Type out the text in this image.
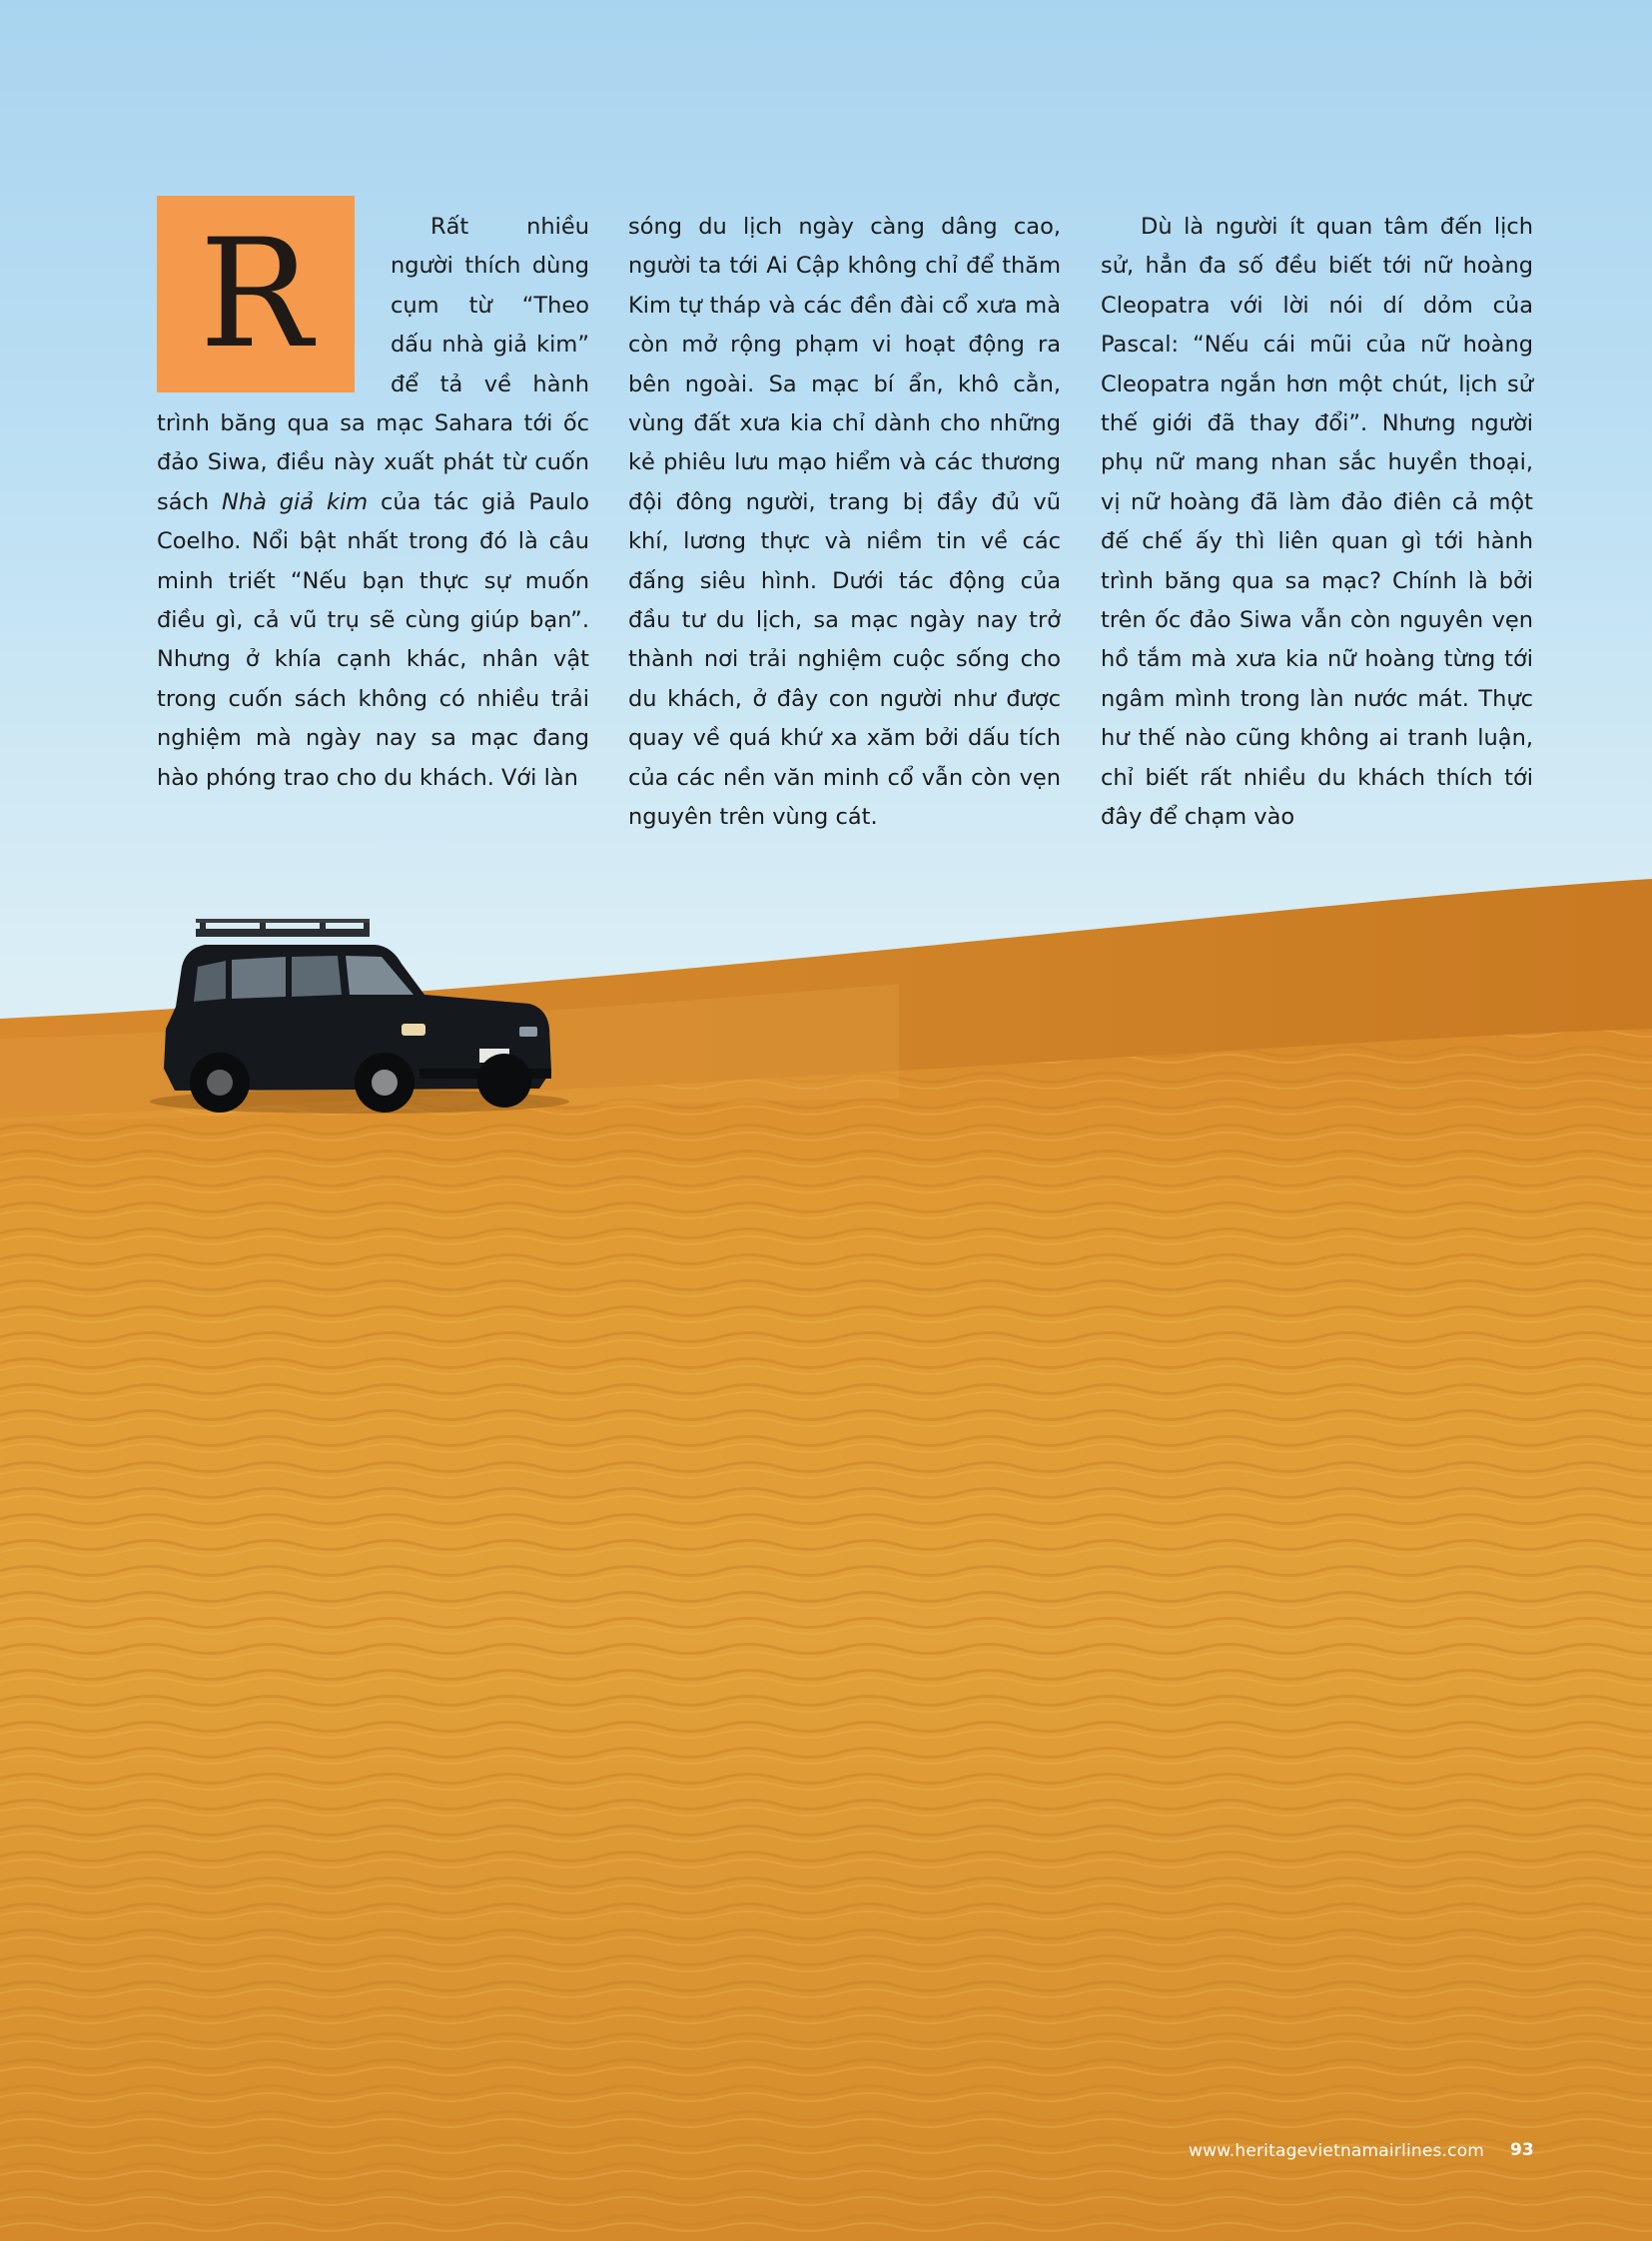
R	Rất nhiều người thích dùng cụm từ “Theo dấu nhà giả kim” để tả về hành trình băng qua sa mạc Sahara tới ốc đảo Siwa, điều này xuất phát từ cuốn sách Nhà giả kim của tác giả Paulo Coelho. Nổi bật nhất trong đó là câu minh triết “Nếu bạn thực sự muốn điều gì, cả vũ trụ sẽ cùng giúp bạn”. Nhưng ở khía cạnh khác, nhân vật trong cuốn sách không có nhiều trải nghiệm mà ngày nay sa mạc đang hào phóng trao cho du khách. Với làn
sóng du lịch ngày càng dâng cao, người ta tới Ai Cập không chỉ để thăm Kim tự tháp và các đền đài cổ xưa mà còn mở rộng phạm vi hoạt động ra bên ngoài. Sa mạc bí ẩn, khô cằn, vùng đất xưa kia chỉ dành cho những kẻ phiêu lưu mạo hiểm và các thương đội đông người, trang bị đầy đủ vũ khí, lương thực và niềm tin về các đấng siêu hình. Dưới tác động của đầu tư du lịch, sa mạc ngày nay trở thành nơi trải nghiệm cuộc sống cho du khách, ở đây con người như được quay về quá khứ xa xăm bởi dấu tích của các nền văn minh cổ vẫn còn vẹn nguyên trên vùng cát.
Dù là người ít quan tâm đến lịch sử, hẳn đa số đều biết tới nữ hoàng Cleopatra với lời nói dí dỏm của Pascal: “Nếu cái mũi của nữ hoàng Cleopatra ngắn hơn một chút, lịch sử thế giới đã thay đổi”. Nhưng người phụ nữ mang nhan sắc huyền thoại, vị nữ hoàng đã làm đảo điên cả một đế chế ấy thì liên quan gì tới hành trình băng qua sa mạc? Chính là bởi trên ốc đảo Siwa vẫn còn nguyên vẹn hồ tắm mà xưa kia nữ hoàng từng tới ngâm mình trong làn nước mát. Thực hư thế nào cũng không ai tranh luận, chỉ biết rất nhiều du khách thích tới đây để chạm vào
www.heritagevietnamairlines.com 93
